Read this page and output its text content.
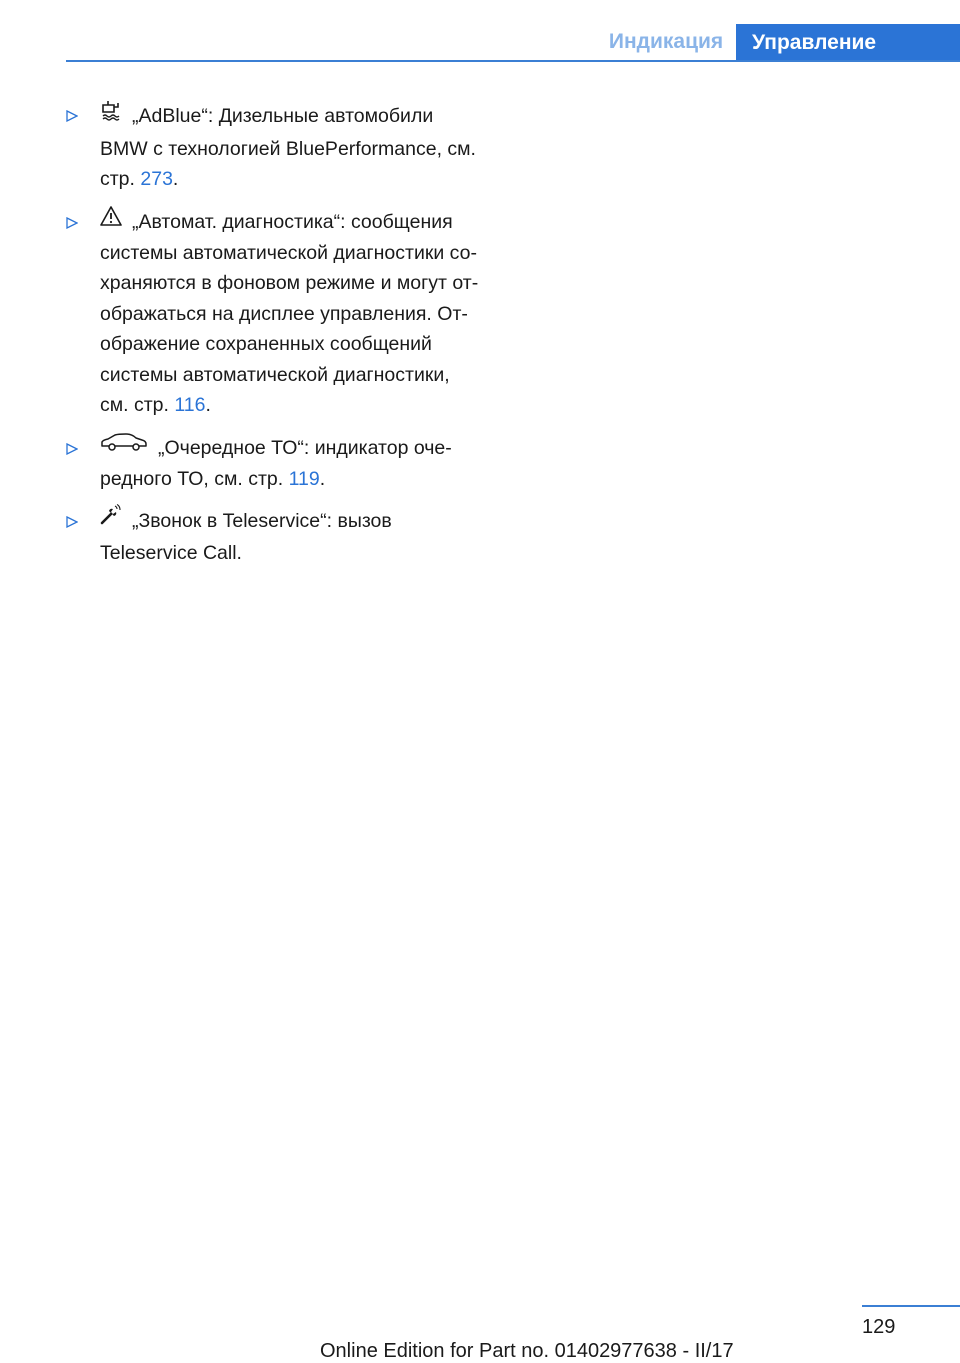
Индикация	Управление
„AdBlue“: Дизельные автомобили
BMW с технологией BluePerformance, см.
стр. 273.
„Автомат. диагностика“: сообщения
системы автоматической диагностики со-
храняются в фоновом режиме и могут от-
ображаться на дисплее управления. От-
ображение сохраненных сообщений
системы автоматической диагностики,
см. стр. 116.
„Очередное ТО“: индикатор оче-
редного ТО, см. стр. 119.
„Звонок в Teleservice“: вызов
Teleservice Call.
129
Online Edition for Part no. 01402977638 - II/17
